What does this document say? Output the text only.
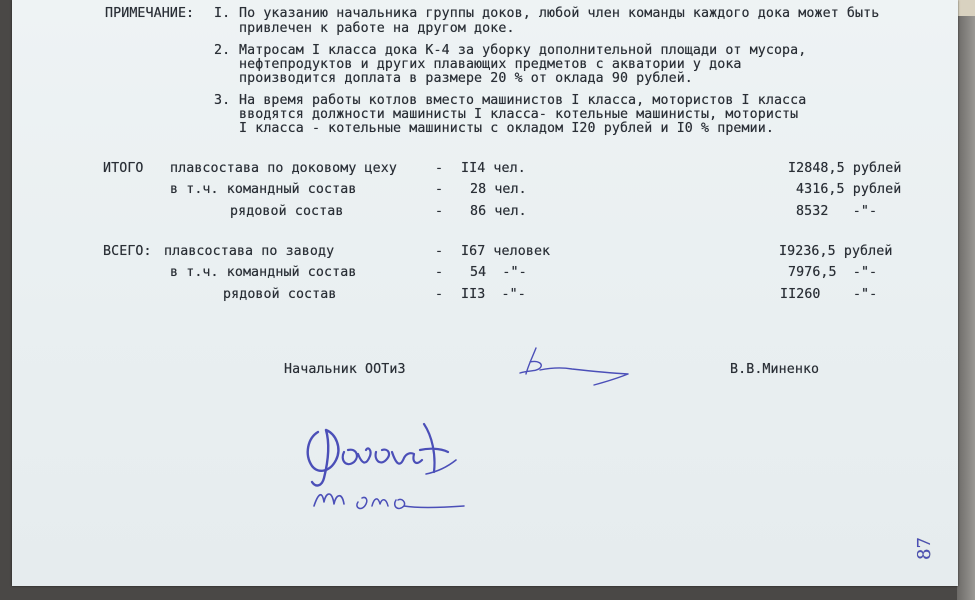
ПРИМЕЧАНИЕ: I. По указанию начальника группы доков, любой член команды каждого дока может быть
привлечен к работе на другом доке.
2. Матросам I класса дока К-4 за уборку дополнительной площади от мусора,
нефтепродуктов и других плавающих предметов с акватории у дока
производится доплата в размере 20 % от оклада 90 рублей.
3. На время работы котлов вместо машинистов I класса, мотористов I класса
вводятся должности машинисты I класса- котельные машинисты, мотористы
I класса - котельные машинисты с окладом I20 рублей и I0 % премии.
ИТОГО плавсостава по доковому цеху	- II4 чел.	I2848,5 рублей
в т.ч. командный состав	- 28 чел.	4316,5 рублей
рядовой состав	- 86 чел.	8532   -"-
ВСЕГО: плавсостава по заводу	- I67 человек	I9236,5 рублей
в т.ч. командный состав	- 54  -"-	7976,5  -"-
рядовой состав	- II3  -"-	II260    -"-
Начальник ООТиЗ	В.В.Миненко
87
